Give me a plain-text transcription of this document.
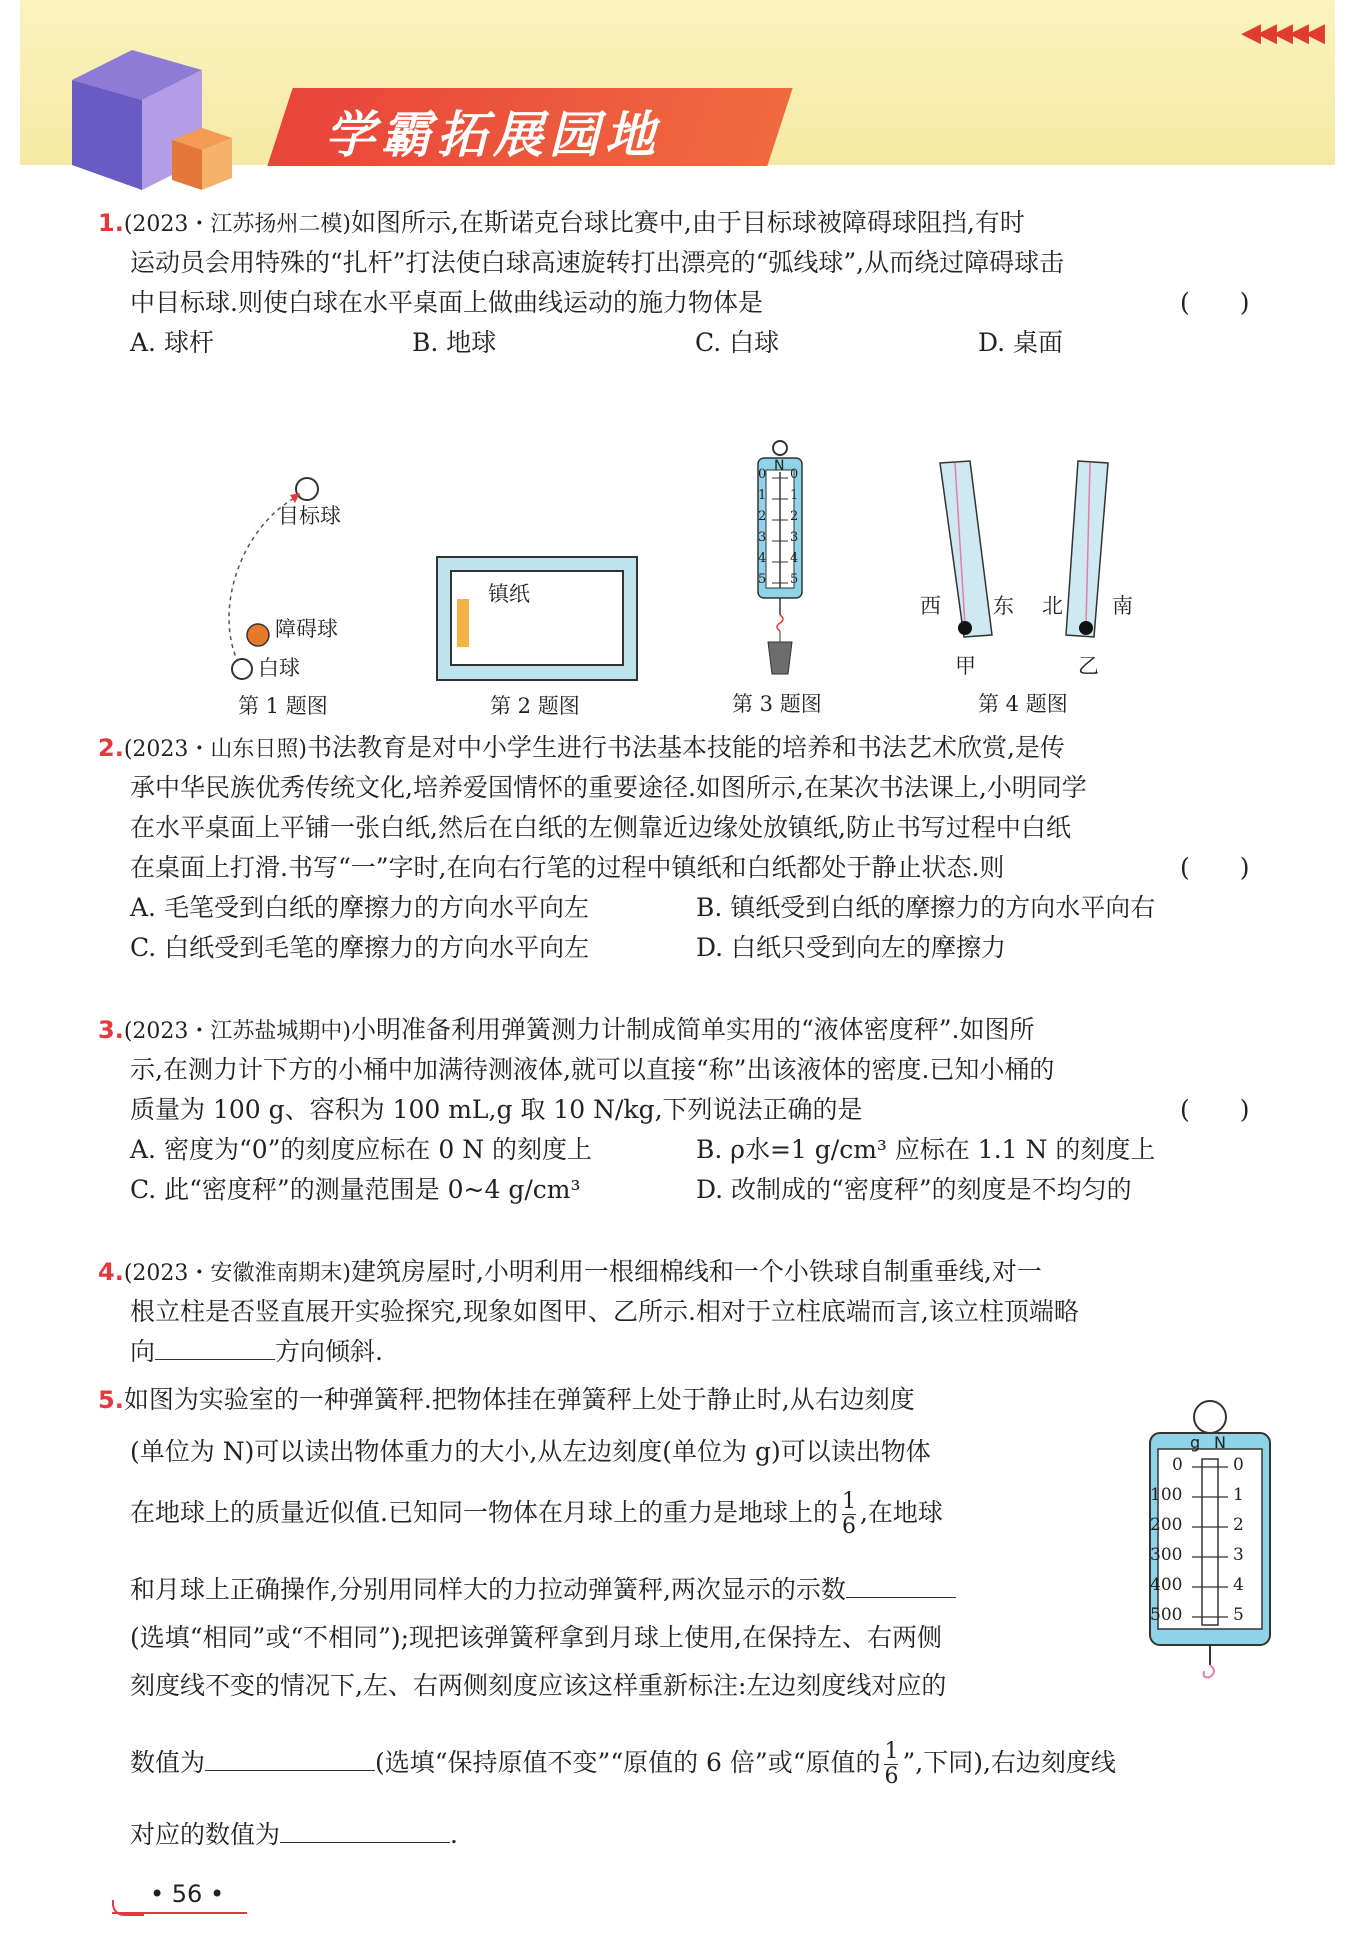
◀◀◀◀◀
学霸拓展园地
1.(2023・江苏扬州二模)如图所示,在斯诺克台球比赛中,由于目标球被障碍球阻挡,有时
运动员会用特殊的“扎杆”打法使白球高速旋转打出漂亮的“弧线球”,从而绕过障碍球击
中目标球.则使白球在水平桌面上做曲线运动的施力物体是	(　　)
A. 球杆	B. 地球	C. 白球	D. 桌面
目标球
障碍球
白球
第 1 题图
镇纸
第 2 题图
N
0
1
2
3
4
5
0
1
2
3
4
5
第 3 题图
西 东 北 南
甲	乙
第 4 题图
2.(2023・山东日照)书法教育是对中小学生进行书法基本技能的培养和书法艺术欣赏,是传
承中华民族优秀传统文化,培养爱国情怀的重要途径.如图所示,在某次书法课上,小明同学
在水平桌面上平铺一张白纸,然后在白纸的左侧靠近边缘处放镇纸,防止书写过程中白纸
在桌面上打滑.书写“一”字时,在向右行笔的过程中镇纸和白纸都处于静止状态.则	(　　)
A. 毛笔受到白纸的摩擦力的方向水平向左	B. 镇纸受到白纸的摩擦力的方向水平向右
C. 白纸受到毛笔的摩擦力的方向水平向左	D. 白纸只受到向左的摩擦力
3.(2023・江苏盐城期中)小明准备利用弹簧测力计制成简单实用的“液体密度秤”.如图所
示,在测力计下方的小桶中加满待测液体,就可以直接“称”出该液体的密度.已知小桶的
质量为 100 g、容积为 100 mL,g 取 10 N/kg,下列说法正确的是	(　　)
A. 密度为“0”的刻度应标在 0 N 的刻度上	B. ρ水=1 g/cm³ 应标在 1.1 N 的刻度上
C. 此“密度秤”的测量范围是 0~4 g/cm³	D. 改制成的“密度秤”的刻度是不均匀的
4.(2023・安徽淮南期末)建筑房屋时,小明利用一根细棉线和一个小铁球自制重垂线,对一
根立柱是否竖直展开实验探究,现象如图甲、乙所示.相对于立柱底端而言,该立柱顶端略
向	方向倾斜.
5.如图为实验室的一种弹簧秤.把物体挂在弹簧秤上处于静止时,从右边刻度
(单位为 N)可以读出物体重力的大小,从左边刻度(单位为 g)可以读出物体
在地球上的质量近似值.已知同一物体在月球上的重力是地球上的 $\frac{1}{6}$ ,在地球
和月球上正确操作,分别用同样大的力拉动弹簧秤,两次显示的示数
(选填“相同”或“不相同”);现把该弹簧秤拿到月球上使用,在保持左、右两侧
刻度线不变的情况下,左、右两侧刻度应该这样重新标注:左边刻度线对应的
数值为	(选填“保持原值不变”“原值的 6 倍”或“原值的 $\frac{1}{6}$ ”,下同),右边刻度线
对应的数值为	.
g N
0
100
200
300
400
500
0
1
2
3
4
5
• 56 •
